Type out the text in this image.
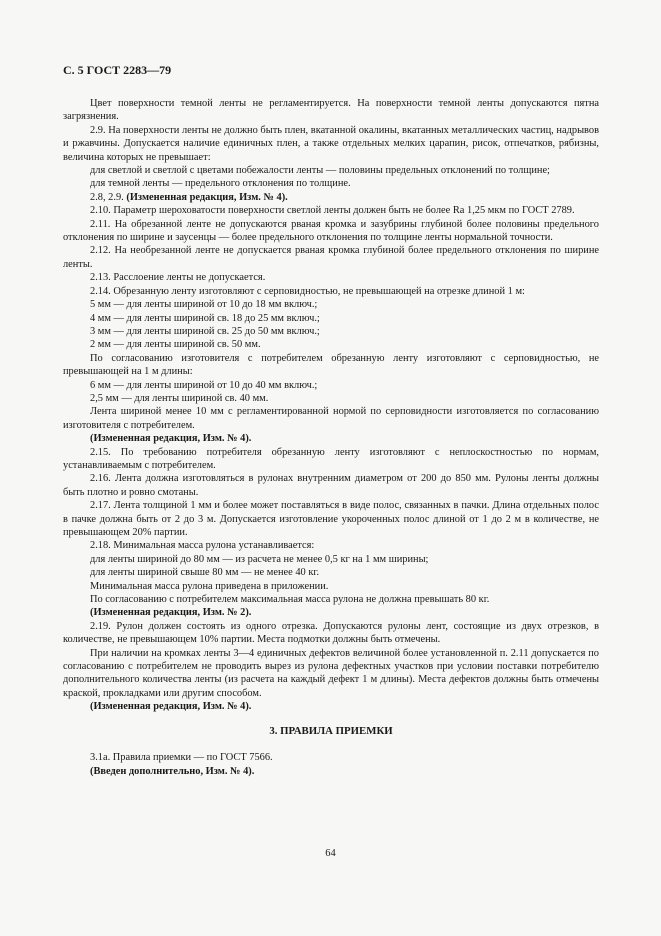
С. 5 ГОСТ 2283—79

Цвет поверхности темной ленты не регламентируется. На поверхности темной ленты допускаются пятна загрязнения.

2.9. На поверхности ленты не должно быть плен, вкатанной окалины, вкатанных металлических частиц, надрывов и ржавчины. Допускается наличие единичных плен, а также отдельных мелких царапин, рисок, отпечатков, рябизны, величина которых не превышает:

для светлой и светлой с цветами побежалости ленты — половины предельных отклонений по толщине;

для темной ленты — предельного отклонения по толщине.

2.8, 2.9. (Измененная редакция, Изм. № 4).

2.10. Параметр шероховатости поверхности светлой ленты должен быть не более Ra 1,25 мкм по ГОСТ 2789.

2.11. На обрезанной ленте не допускаются рваная кромка и зазубрины глубиной более половины предельного отклонения по ширине и заусенцы — более предельного отклонения по толщине ленты нормальной точности.

2.12. На необрезанной ленте не допускается рваная кромка глубиной более предельного отклонения по ширине ленты.

2.13. Расслоение ленты не допускается.

2.14. Обрезанную ленту изготовляют с серповидностью, не превышающей на отрезке длиной 1 м:

5 мм — для ленты шириной от 10 до 18 мм включ.;

4 мм — для ленты шириной св. 18 до 25 мм включ.;

3 мм — для ленты шириной св. 25 до 50 мм включ.;

2 мм — для ленты шириной св. 50 мм.

По согласованию изготовителя с потребителем обрезанную ленту изготовляют с серповидностью, не превышающей на 1 м длины:

6 мм — для ленты шириной от 10 до 40 мм включ.;

2,5 мм — для ленты шириной св. 40 мм.

Лента шириной менее 10 мм с регламентированной нормой по серповидности изготовляется по согласованию изготовителя с потребителем.

(Измененная редакция, Изм. № 4).

2.15. По требованию потребителя обрезанную ленту изготовляют с неплоскостностью по нормам, устанавливаемым с потребителем.

2.16. Лента должна изготовляться в рулонах внутренним диаметром от 200 до 850 мм. Рулоны ленты должны быть плотно и ровно смотаны.

2.17. Лента толщиной 1 мм и более может поставляться в виде полос, связанных в пачки. Длина отдельных полос в пачке должна быть от 2 до 3 м. Допускается изготовление укороченных полос длиной от 1 до 2 м в количестве, не превышающем 20% партии.

2.18. Минимальная масса рулона устанавливается:

для ленты шириной до 80 мм — из расчета не менее 0,5 кг на 1 мм ширины;

для ленты шириной свыше 80 мм — не менее 40 кг.

Минимальная масса рулона приведена в приложении.

По согласованию с потребителем максимальная масса рулона не должна превышать 80 кг.

(Измененная редакция, Изм. № 2).

2.19. Рулон должен состоять из одного отрезка. Допускаются рулоны лент, состоящие из двух отрезков, в количестве, не превышающем 10% партии. Места подмотки должны быть отмечены.

При наличии на кромках ленты 3—4 единичных дефектов величиной более установленной п. 2.11 допускается по согласованию с потребителем не проводить вырез из рулона дефектных участков при условии поставки потребителю дополнительного количества ленты (из расчета на каждый дефект 1 м длины). Места дефектов должны быть отмечены краской, прокладками или другим способом.

(Измененная редакция, Изм. № 4).

3. ПРАВИЛА ПРИЕМКИ

3.1а. Правила приемки — по ГОСТ 7566.

(Введен дополнительно, Изм. № 4).

64
